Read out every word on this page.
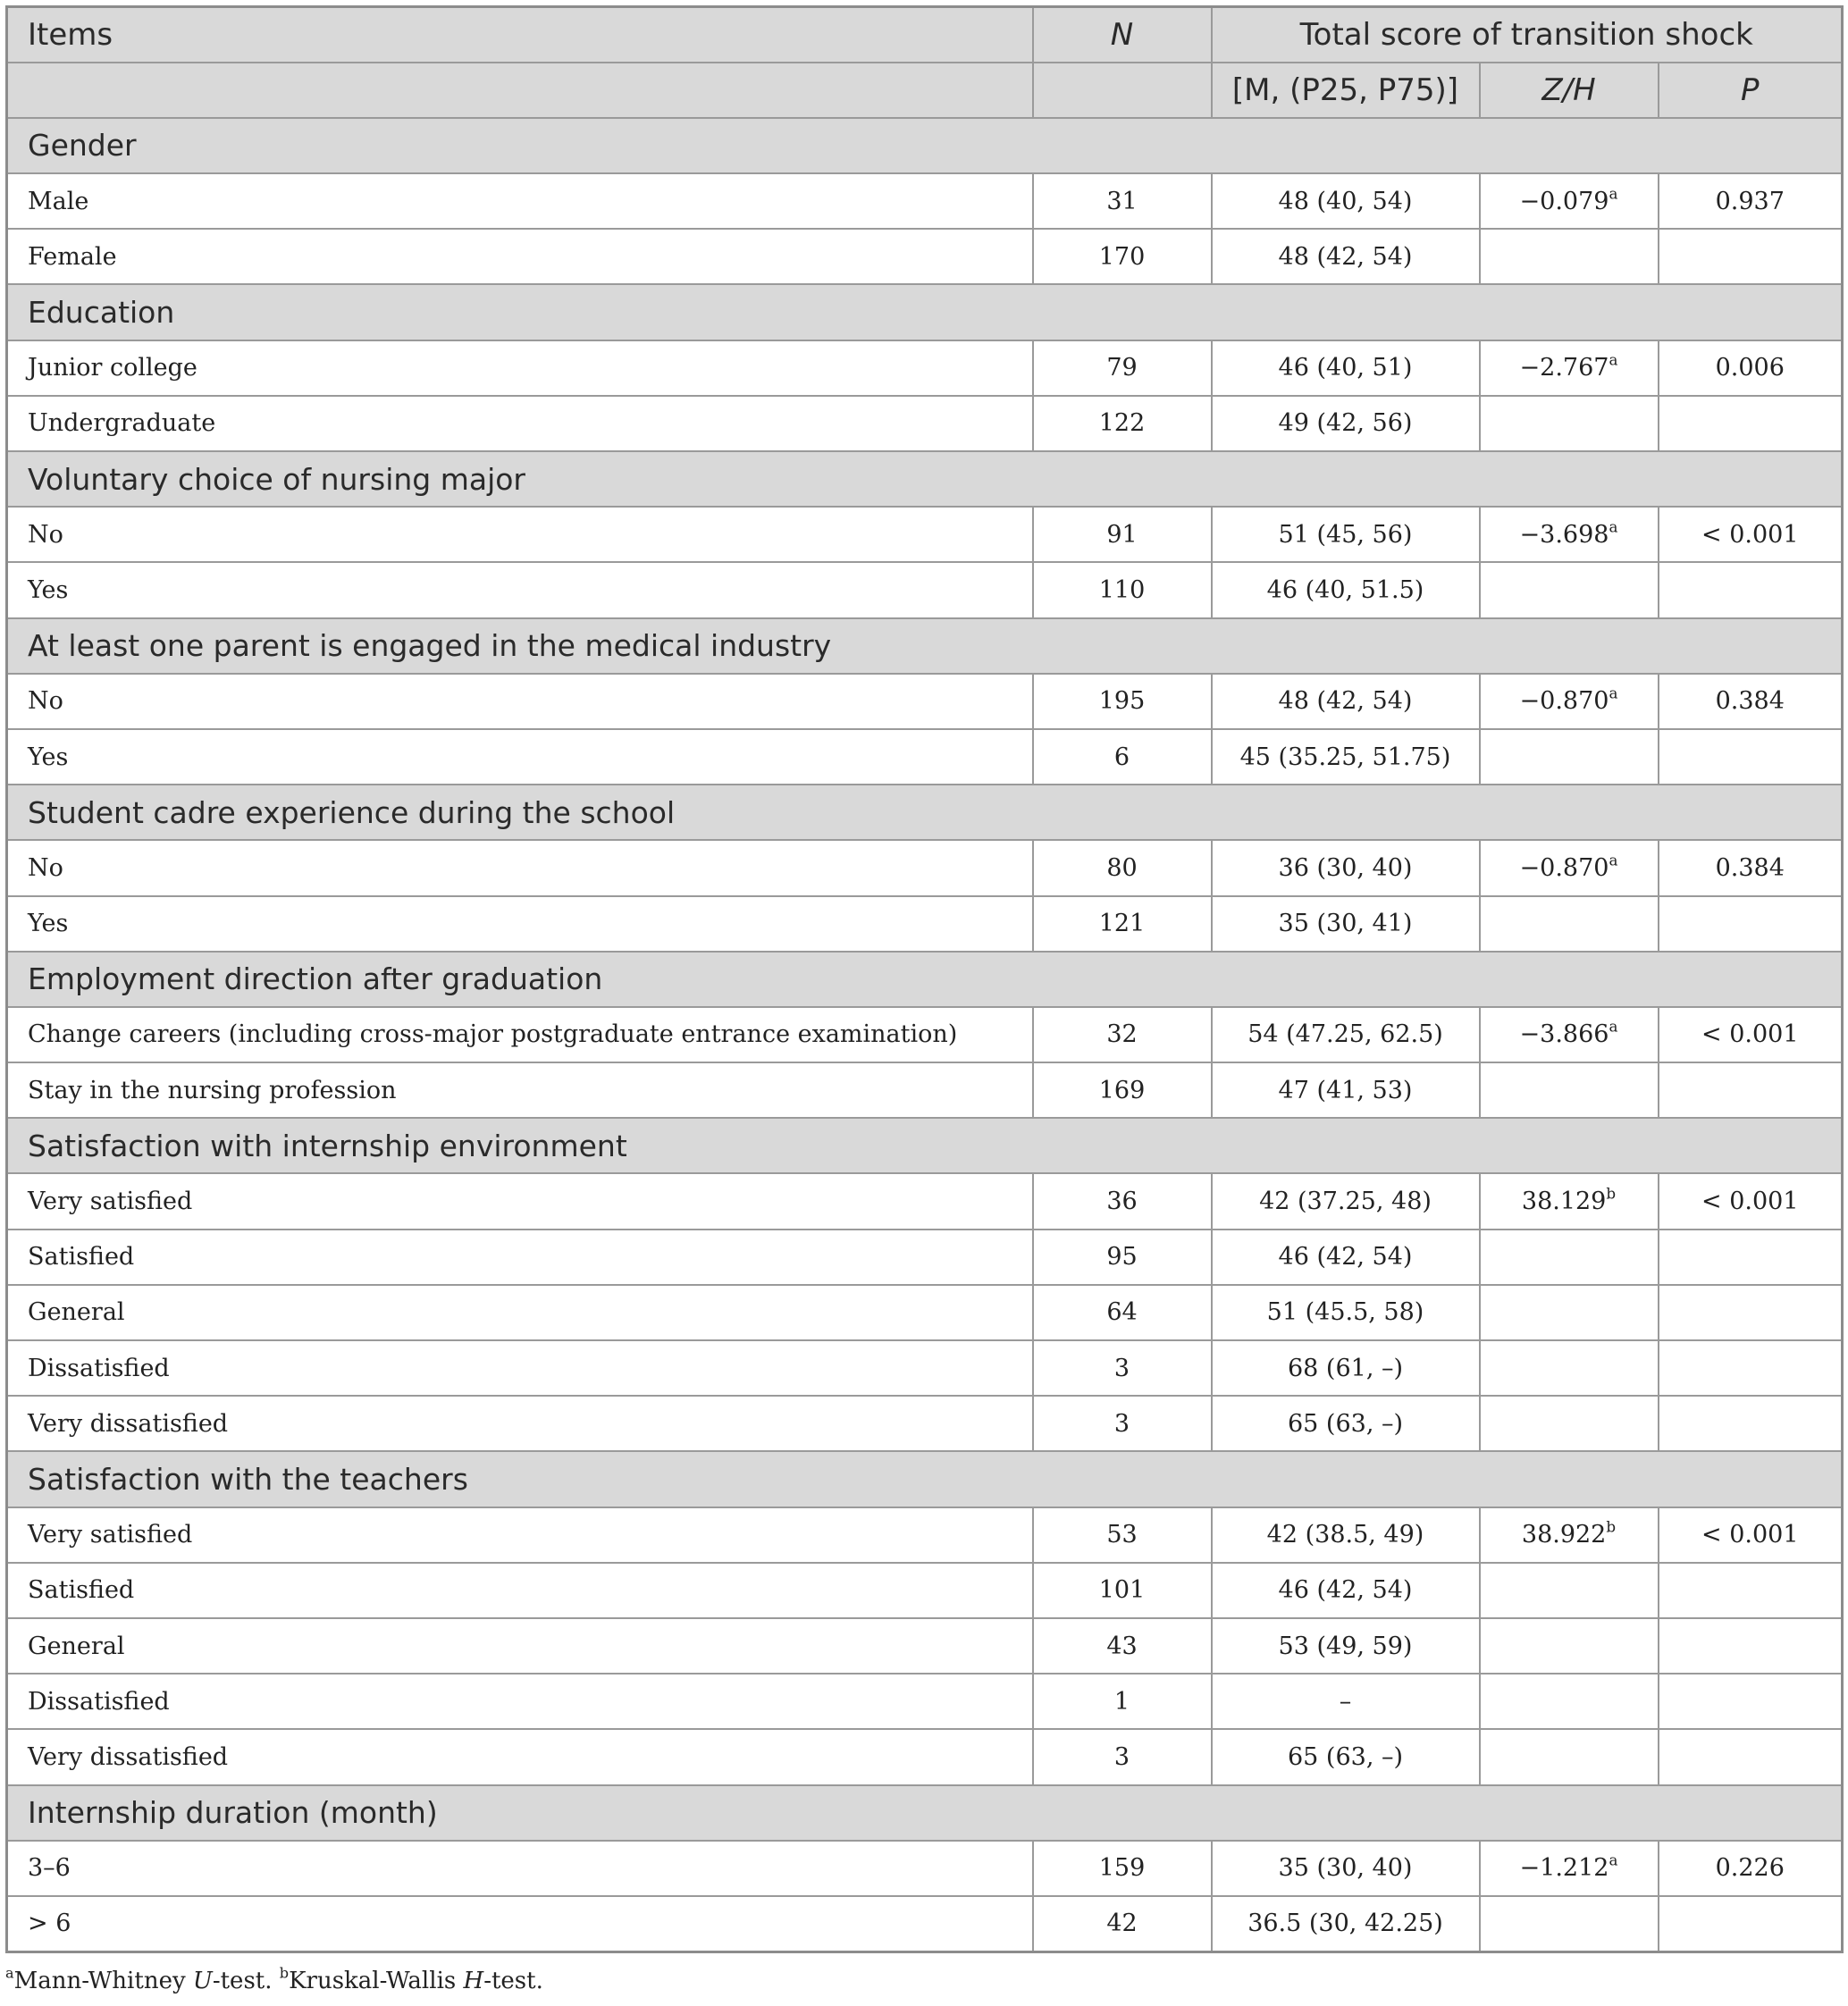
Items	N	Total score of transition shock		
		[M, (P25, P75)]	Z/H	P
Gender				
Male	31	48 (40, 54)	−0.079$^a$	0.937
Female	170	48 (42, 54)		
Education				
Junior college	79	46 (40, 51)	−2.767$^a$	0.006
Undergraduate	122	49 (42, 56)		
Voluntary choice of nursing major				
No	91	51 (45, 56)	−3.698$^a$	< 0.001
Yes	110	46 (40, 51.5)		
At least one parent is engaged in the medical industry				
No	195	48 (42, 54)	−0.870$^a$	0.384
Yes	6	45 (35.25, 51.75)		
Student cadre experience during the school				
No	80	36 (30, 40)	−0.870$^a$	0.384
Yes	121	35 (30, 41)		
Employment direction after graduation				
Change careers (including cross-major postgraduate entrance examination)	32	54 (47.25, 62.5)	−3.866$^a$	< 0.001
Stay in the nursing profession	169	47 (41, 53)		
Satisfaction with internship environment				
Very satisfied	36	42 (37.25, 48)	38.129$^b$	< 0.001
Satisfied	95	46 (42, 54)		
General	64	51 (45.5, 58)		
Dissatisfied	3	68 (61, –)		
Very dissatisfied	3	65 (63, –)		
Satisfaction with the teachers				
Very satisfied	53	42 (38.5, 49)	38.922$^b$	< 0.001
Satisfied	101	46 (42, 54)		
General	43	53 (49, 59)		
Dissatisfied	1	–		
Very dissatisfied	3	65 (63, –)		
Internship duration (month)				
3–6	159	35 (30, 40)	−1.212$^a$	0.226
> 6	42	36.5 (30, 42.25)		
$^a$Mann-Whitney U-test. $^b$Kruskal-Wallis H-test.
